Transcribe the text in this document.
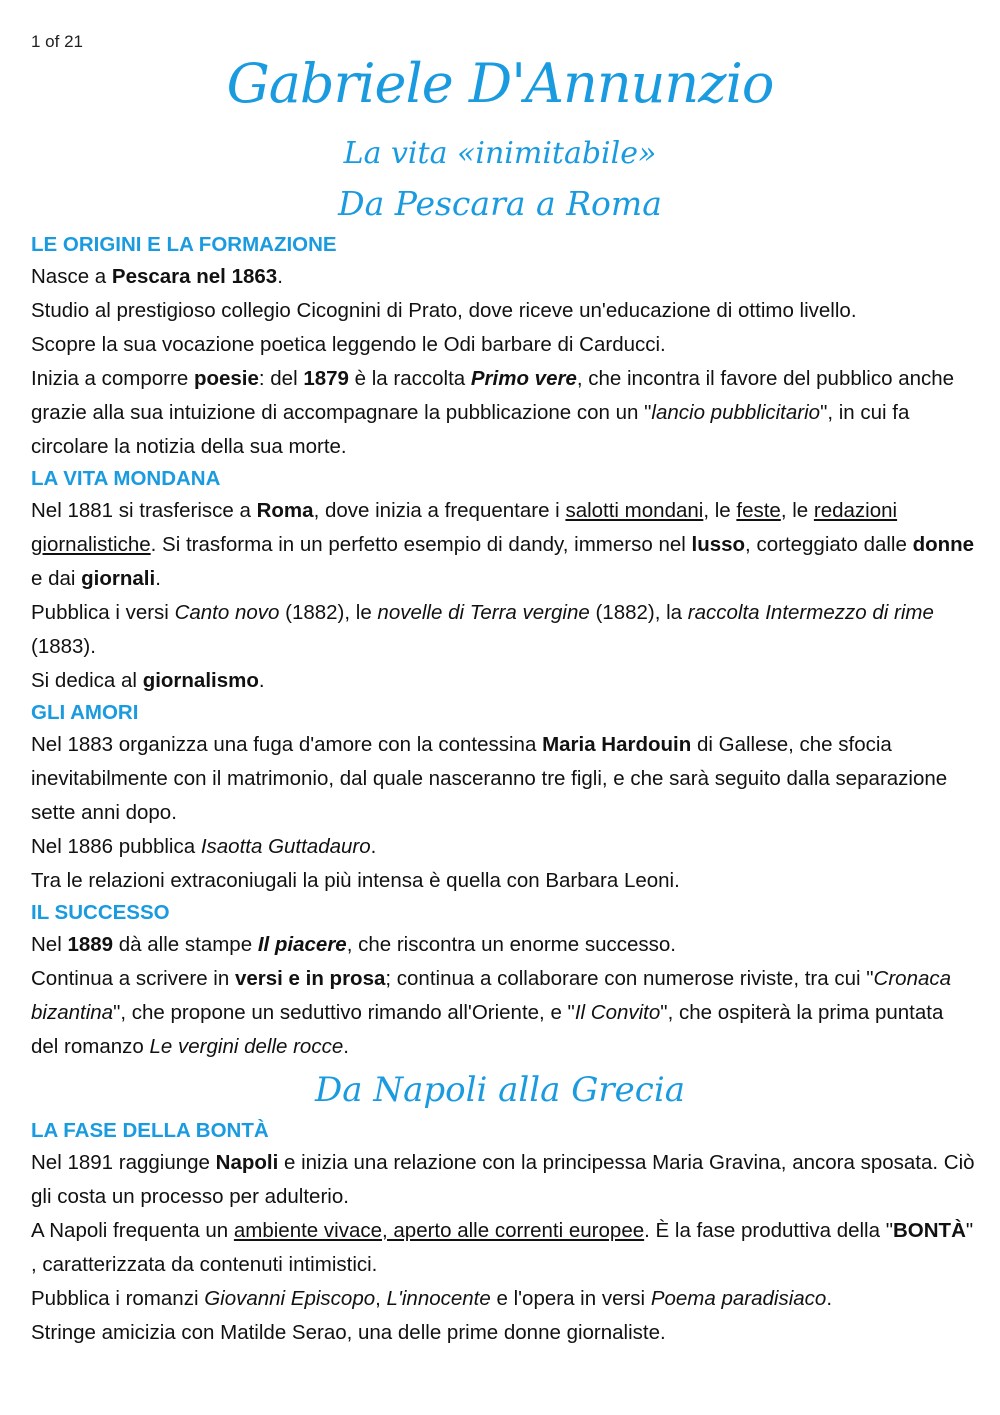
1 of 21
Gabriele D'Annunzio
La vita «inimitabile»
Da Pescara a Roma
LE ORIGINI E LA FORMAZIONE

Nasce a Pescara nel 1863.

Studio al prestigioso collegio Cicognini di Prato, dove riceve un'educazione di ottimo livello.

Scopre la sua vocazione poetica leggendo le Odi barbare di Carducci.

Inizia a comporre poesie: del 1879 è la raccolta Primo vere, che incontra il favore del pubblico anche grazie alla sua intuizione di accompagnare la pubblicazione con un "lancio pubblicitario", in cui fa circolare la notizia della sua morte.

LA VITA MONDANA

Nel 1881 si trasferisce a Roma, dove inizia a frequentare i salotti mondani, le feste, le redazioni giornalistiche. Si trasforma in un perfetto esempio di dandy, immerso nel lusso, corteggiato dalle donne e dai giornali.

Pubblica i versi Canto novo (1882), le novelle di Terra vergine (1882), la raccolta Intermezzo di rime (1883).

Si dedica al giornalismo.

GLI AMORI

Nel 1883 organizza una fuga d'amore con la contessina Maria Hardouin di Gallese, che sfocia inevitabilmente con il matrimonio, dal quale nasceranno tre figli, e che sarà seguito dalla separazione sette anni dopo.

Nel 1886 pubblica Isaotta Guttadauro.

Tra le relazioni extraconiugali la più intensa è quella con Barbara Leoni.

IL SUCCESSO

Nel 1889 dà alle stampe Il piacere, che riscontra un enorme successo.

Continua a scrivere in versi e in prosa; continua a collaborare con numerose riviste, tra cui "Cronaca bizantina", che propone un seduttivo rimando all'Oriente, e "Il Convito", che ospiterà la prima puntata del romanzo Le vergini delle rocce.

Da Napoli alla Grecia
LA FASE DELLA BONTÀ

Nel 1891 raggiunge Napoli e inizia una relazione con la principessa Maria Gravina, ancora sposata. Ciò gli costa un processo per adulterio.

A Napoli frequenta un ambiente vivace, aperto alle correnti europee. È la fase produttiva della "BONTÀ" , caratterizzata da contenuti intimistici.

Pubblica i romanzi Giovanni Episcopo, L'innocente e l'opera in versi Poema paradisiaco.

Stringe amicizia con Matilde Serao, una delle prime donne giornaliste.
